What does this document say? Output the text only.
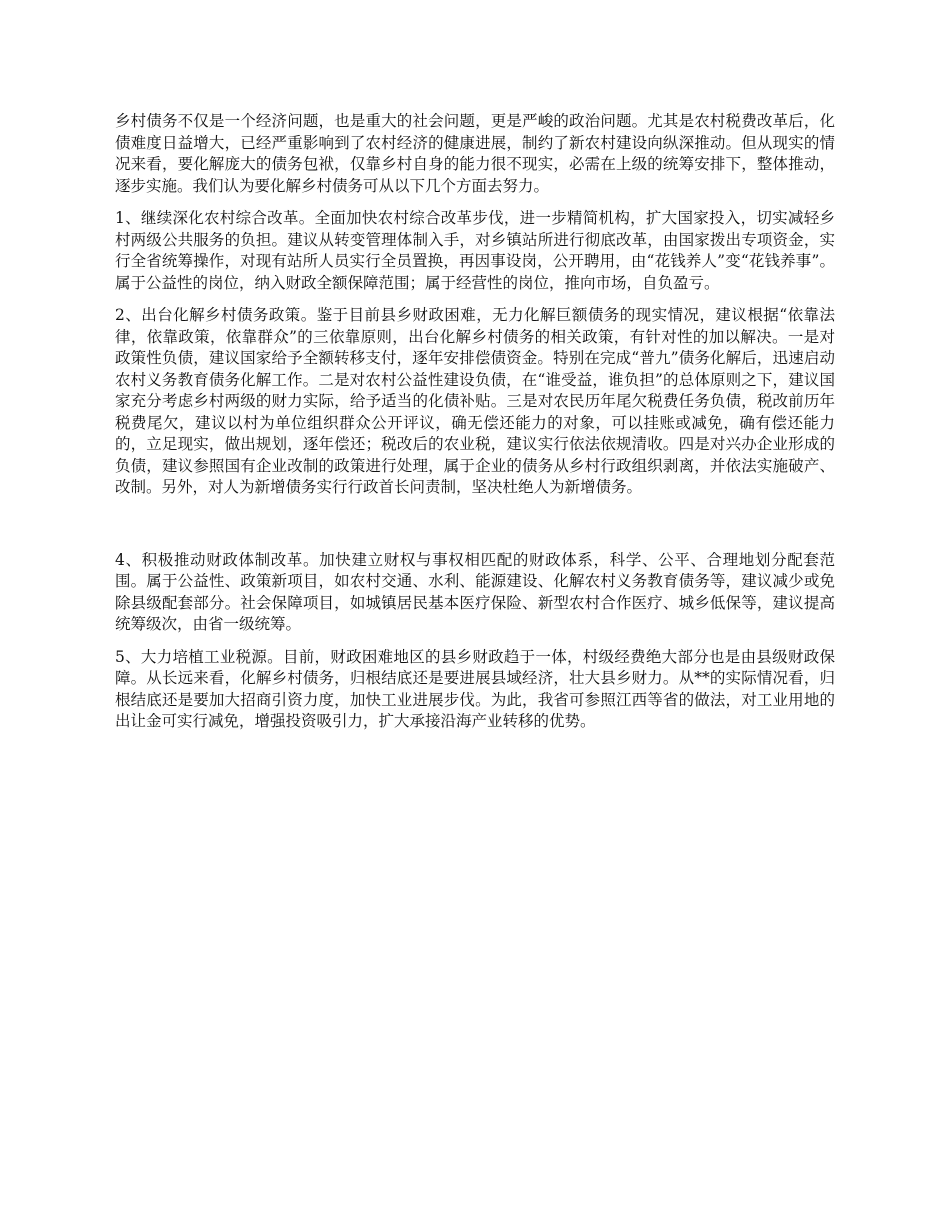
乡村债务不仅是一个经济问题，也是重大的社会问题，更是严峻的政治问题。尤其是农村税费改革后，化债难度日益增大，已经严重影响到了农村经济的健康进展，制约了新农村建设向纵深推动。但从现实的情况来看，要化解庞大的债务包袱，仅靠乡村自身的能力很不现实，必需在上级的统筹安排下，整体推动，逐步实施。我们认为要化解乡村债务可从以下几个方面去努力。

1、继续深化农村综合改革。全面加快农村综合改革步伐，进一步精简机构，扩大国家投入，切实减轻乡村两级公共服务的负担。建议从转变管理体制入手，对乡镇站所进行彻底改革，由国家拨出专项资金，实行全省统筹操作，对现有站所人员实行全员置换，再因事设岗，公开聘用，由“花钱养人”变“花钱养事”。属于公益性的岗位，纳入财政全额保障范围；属于经营性的岗位，推向市场，自负盈亏。

2、出台化解乡村债务政策。鉴于目前县乡财政困难，无力化解巨额债务的现实情况，建议根据“依靠法律，依靠政策，依靠群众”的三依靠原则，出台化解乡村债务的相关政策，有针对性的加以解决。一是对政策性负债，建议国家给予全额转移支付，逐年安排偿债资金。特别在完成“普九”债务化解后，迅速启动农村义务教育债务化解工作。二是对农村公益性建设负债，在“谁受益，谁负担”的总体原则之下，建议国家充分考虑乡村两级的财力实际，给予适当的化债补贴。三是对农民历年尾欠税费任务负债，税改前历年税费尾欠，建议以村为单位组织群众公开评议，确无偿还能力的对象，可以挂账或减免，确有偿还能力的，立足现实，做出规划，逐年偿还；税改后的农业税，建议实行依法依规清收。四是对兴办企业形成的负债，建议参照国有企业改制的政策进行处理，属于企业的债务从乡村行政组织剥离，并依法实施破产、改制。另外，对人为新增债务实行行政首长问责制，坚决杜绝人为新增债务。

4、积极推动财政体制改革。加快建立财权与事权相匹配的财政体系，科学、公平、合理地划分配套范围。属于公益性、政策新项目，如农村交通、水利、能源建设、化解农村义务教育债务等，建议减少或免除县级配套部分。社会保障项目，如城镇居民基本医疗保险、新型农村合作医疗、城乡低保等，建议提高统筹级次，由省一级统筹。

5、大力培植工业税源。目前，财政困难地区的县乡财政趋于一体，村级经费绝大部分也是由县级财政保障。从长远来看，化解乡村债务，归根结底还是要进展县域经济，壮大县乡财力。从**的实际情况看，归根结底还是要加大招商引资力度，加快工业进展步伐。为此，我省可参照江西等省的做法，对工业用地的出让金可实行减免，增强投资吸引力，扩大承接沿海产业转移的优势。
